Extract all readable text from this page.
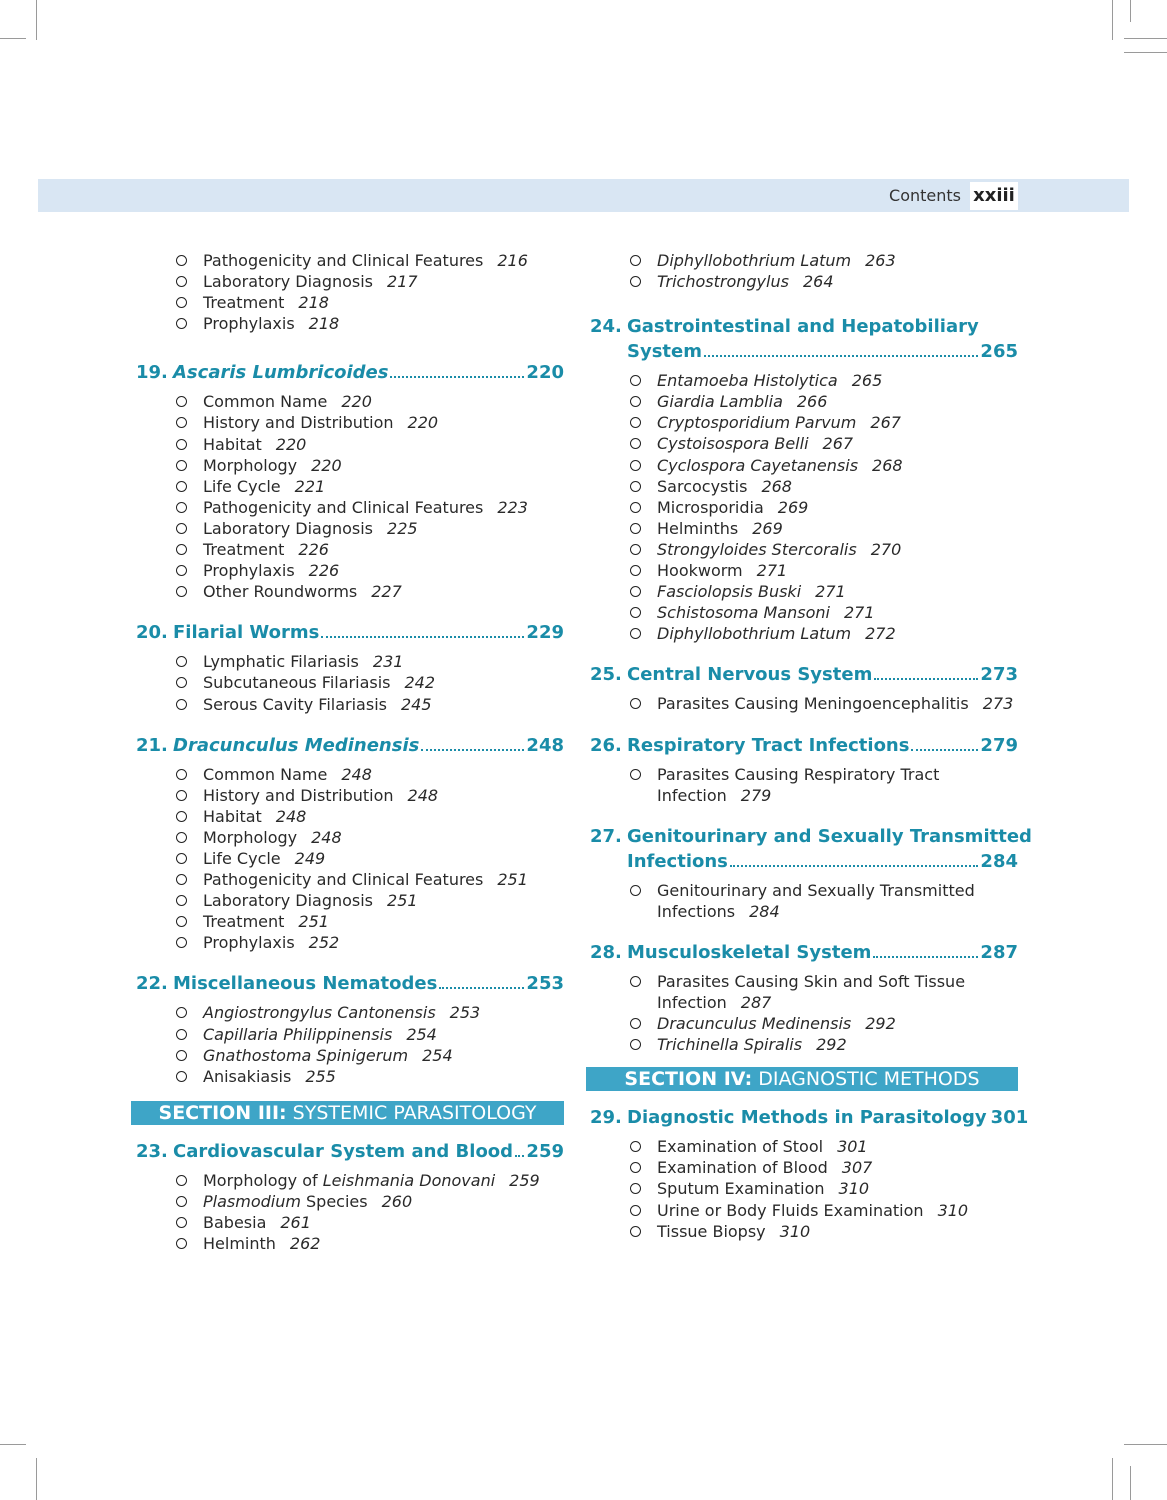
Contents xxiii
Pathogenicity and Clinical Features 216
Laboratory Diagnosis 217
Treatment 218
Prophylaxis 218
19. Ascaris Lumbricoides	220
Common Name 220
History and Distribution 220
Habitat 220
Morphology 220
Life Cycle 221
Pathogenicity and Clinical Features 223
Laboratory Diagnosis 225
Treatment 226
Prophylaxis 226
Other Roundworms 227
20. Filarial Worms	229
Lymphatic Filariasis 231
Subcutaneous Filariasis 242
Serous Cavity Filariasis 245
21. Dracunculus Medinensis	248
Common Name 248
History and Distribution 248
Habitat 248
Morphology 248
Life Cycle 249
Pathogenicity and Clinical Features 251
Laboratory Diagnosis 251
Treatment 251
Prophylaxis 252
22. Miscellaneous Nematodes	253
Angiostrongylus Cantonensis 253
Capillaria Philippinensis 254
Gnathostoma Spinigerum 254
Anisakiasis 255
SECTION III: SYSTEMIC PARASITOLOGY
23. Cardiovascular System and Blood 259
Morphology of Leishmania Donovani 259
Plasmodium Species 260
Babesia 261
Helminth 262
Diphyllobothrium Latum 263
Trichostrongylus 264
24. Gastrointestinal and Hepatobiliary
System	265
Entamoeba Histolytica 265
Giardia Lamblia 266
Cryptosporidium Parvum 267
Cystoisospora Belli 267
Cyclospora Cayetanensis 268
Sarcocystis 268
Microsporidia 269
Helminths 269
Strongyloides Stercoralis 270
Hookworm 271
Fasciolopsis Buski 271
Schistosoma Mansoni 271
Diphyllobothrium Latum 272
25. Central Nervous System	273
Parasites Causing Meningoencephalitis 273
26. Respiratory Tract Infections	279
Parasites Causing Respiratory Tract
Infection 279
27. Genitourinary and Sexually Transmitted
Infections	284
Genitourinary and Sexually Transmitted
Infections 284
28. Musculoskeletal System	287
Parasites Causing Skin and Soft Tissue
Infection 287
Dracunculus Medinensis 292
Trichinella Spiralis 292
SECTION IV: DIAGNOSTIC METHODS
29. Diagnostic Methods in Parasitology 301
Examination of Stool 301
Examination of Blood 307
Sputum Examination 310
Urine or Body Fluids Examination 310
Tissue Biopsy 310
